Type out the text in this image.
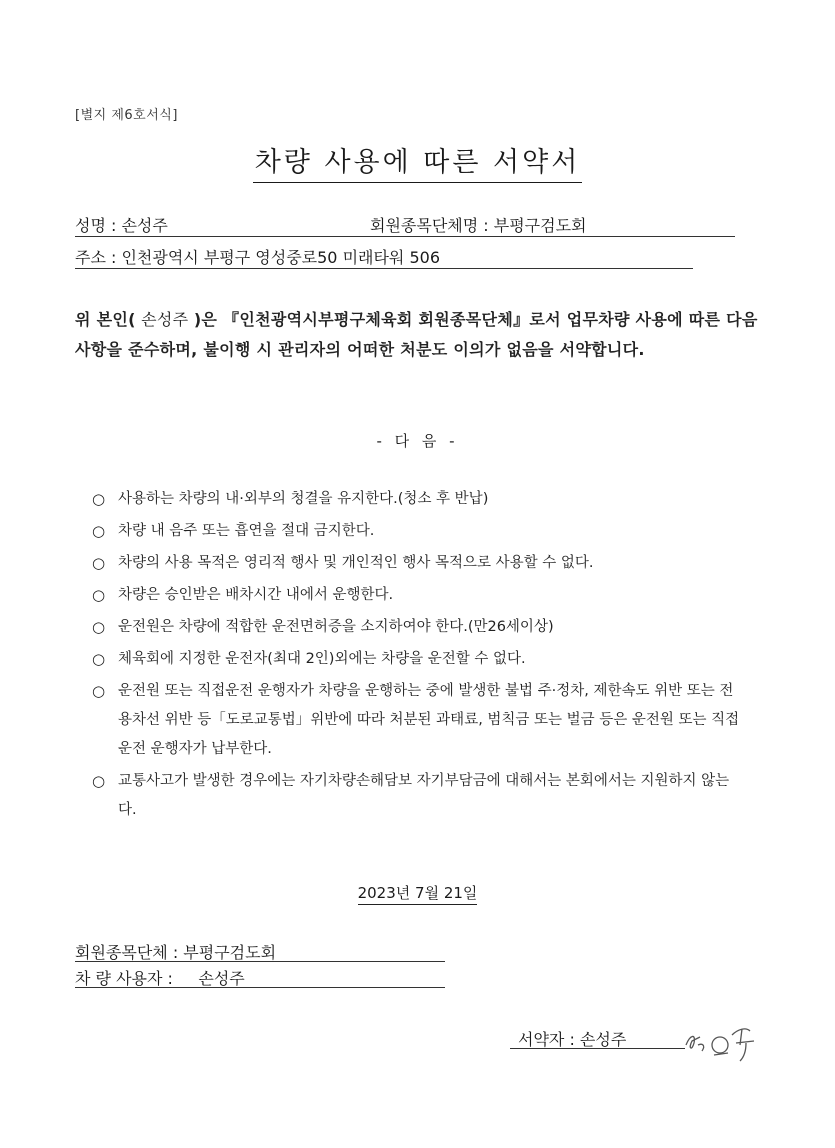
[별지 제6호서식]
차량 사용에 따른 서약서
성명 : 손성주	회원종목단체명 : 부평구검도회
주소 : 인천광역시 부평구 영성중로50 미래타워 506
위 본인( 손성주 )은 『인천광역시부평구체육회 회원종목단체』로서 업무차량 사용에 따른 다음 사항을 준수하며, 불이행 시 관리자의 어떠한 처분도 이의가 없음을 서약합니다.
- 다 음 -
○ 사용하는 차량의 내·외부의 청결을 유지한다.(청소 후 반납)
○ 차량 내 음주 또는 흡연을 절대 금지한다.
○ 차량의 사용 목적은 영리적 행사 및 개인적인 행사 목적으로 사용할 수 없다.
○ 차량은 승인받은 배차시간 내에서 운행한다.
○ 운전원은 차량에 적합한 운전면허증을 소지하여야 한다.(만26세이상)
○ 체육회에 지정한 운전자(최대 2인)외에는 차량을 운전할 수 없다.
○ 운전원 또는 직접운전 운행자가 차량을 운행하는 중에 발생한 불법 주·정차, 제한속도 위반 또는 전용차선 위반 등「도로교통법」위반에 따라 처분된 과태료, 범칙금 또는 벌금 등은 운전원 또는 직접운전 운행자가 납부한다.
○ 교통사고가 발생한 경우에는 자기차량손해담보 자기부담금에 대해서는 본회에서는 지원하지 않는다.
2023년 7월 21일
회원종목단체 : 부평구검도회
차 량 사용자 :     손성주
서약자 : 손성주
